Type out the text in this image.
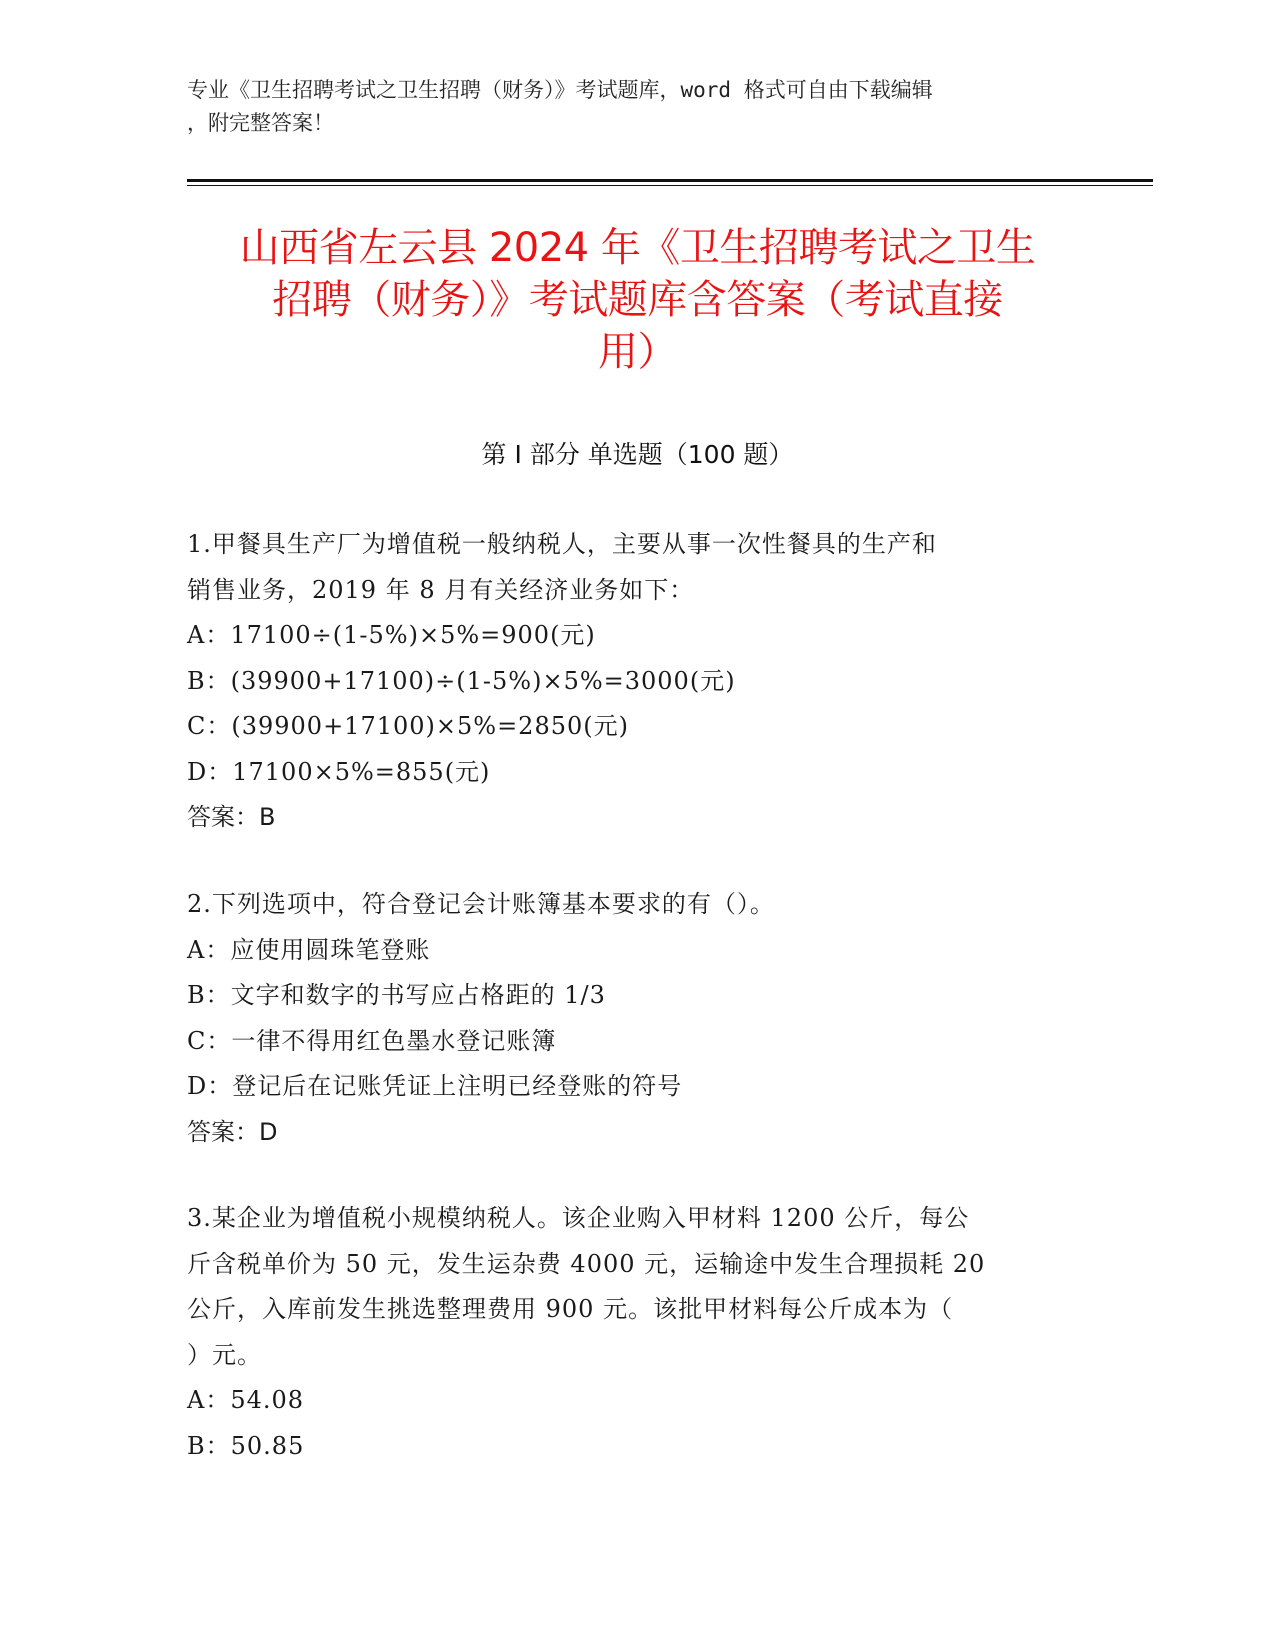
专业《卫生招聘考试之卫生招聘（财务）》考试题库，word 格式可自由下载编辑
，附完整答案！
山西省左云县 2024 年《卫生招聘考试之卫生
招聘（财务）》考试题库含答案（考试直接
用）
第 I 部分 单选题（100 题）
1.甲餐具生产厂为增值税一般纳税人，主要从事一次性餐具的生产和
销售业务，2019 年 8 月有关经济业务如下：
A：17100÷(1-5%)×5%=900(元)
B：(39900+17100)÷(1-5%)×5%=3000(元)
C：(39900+17100)×5%=2850(元)
D：17100×5%=855(元)
答案：B
2.下列选项中，符合登记会计账簿基本要求的有（）。
A：应使用圆珠笔登账
B：文字和数字的书写应占格距的 1/3
C：一律不得用红色墨水登记账簿
D：登记后在记账凭证上注明已经登账的符号
答案：D
3.某企业为增值税小规模纳税人。该企业购入甲材料 1200 公斤，每公
斤含税单价为 50 元，发生运杂费 4000 元，运输途中发生合理损耗 20
公斤，入库前发生挑选整理费用 900 元。该批甲材料每公斤成本为（
）元。
A：54.08
B：50.85
